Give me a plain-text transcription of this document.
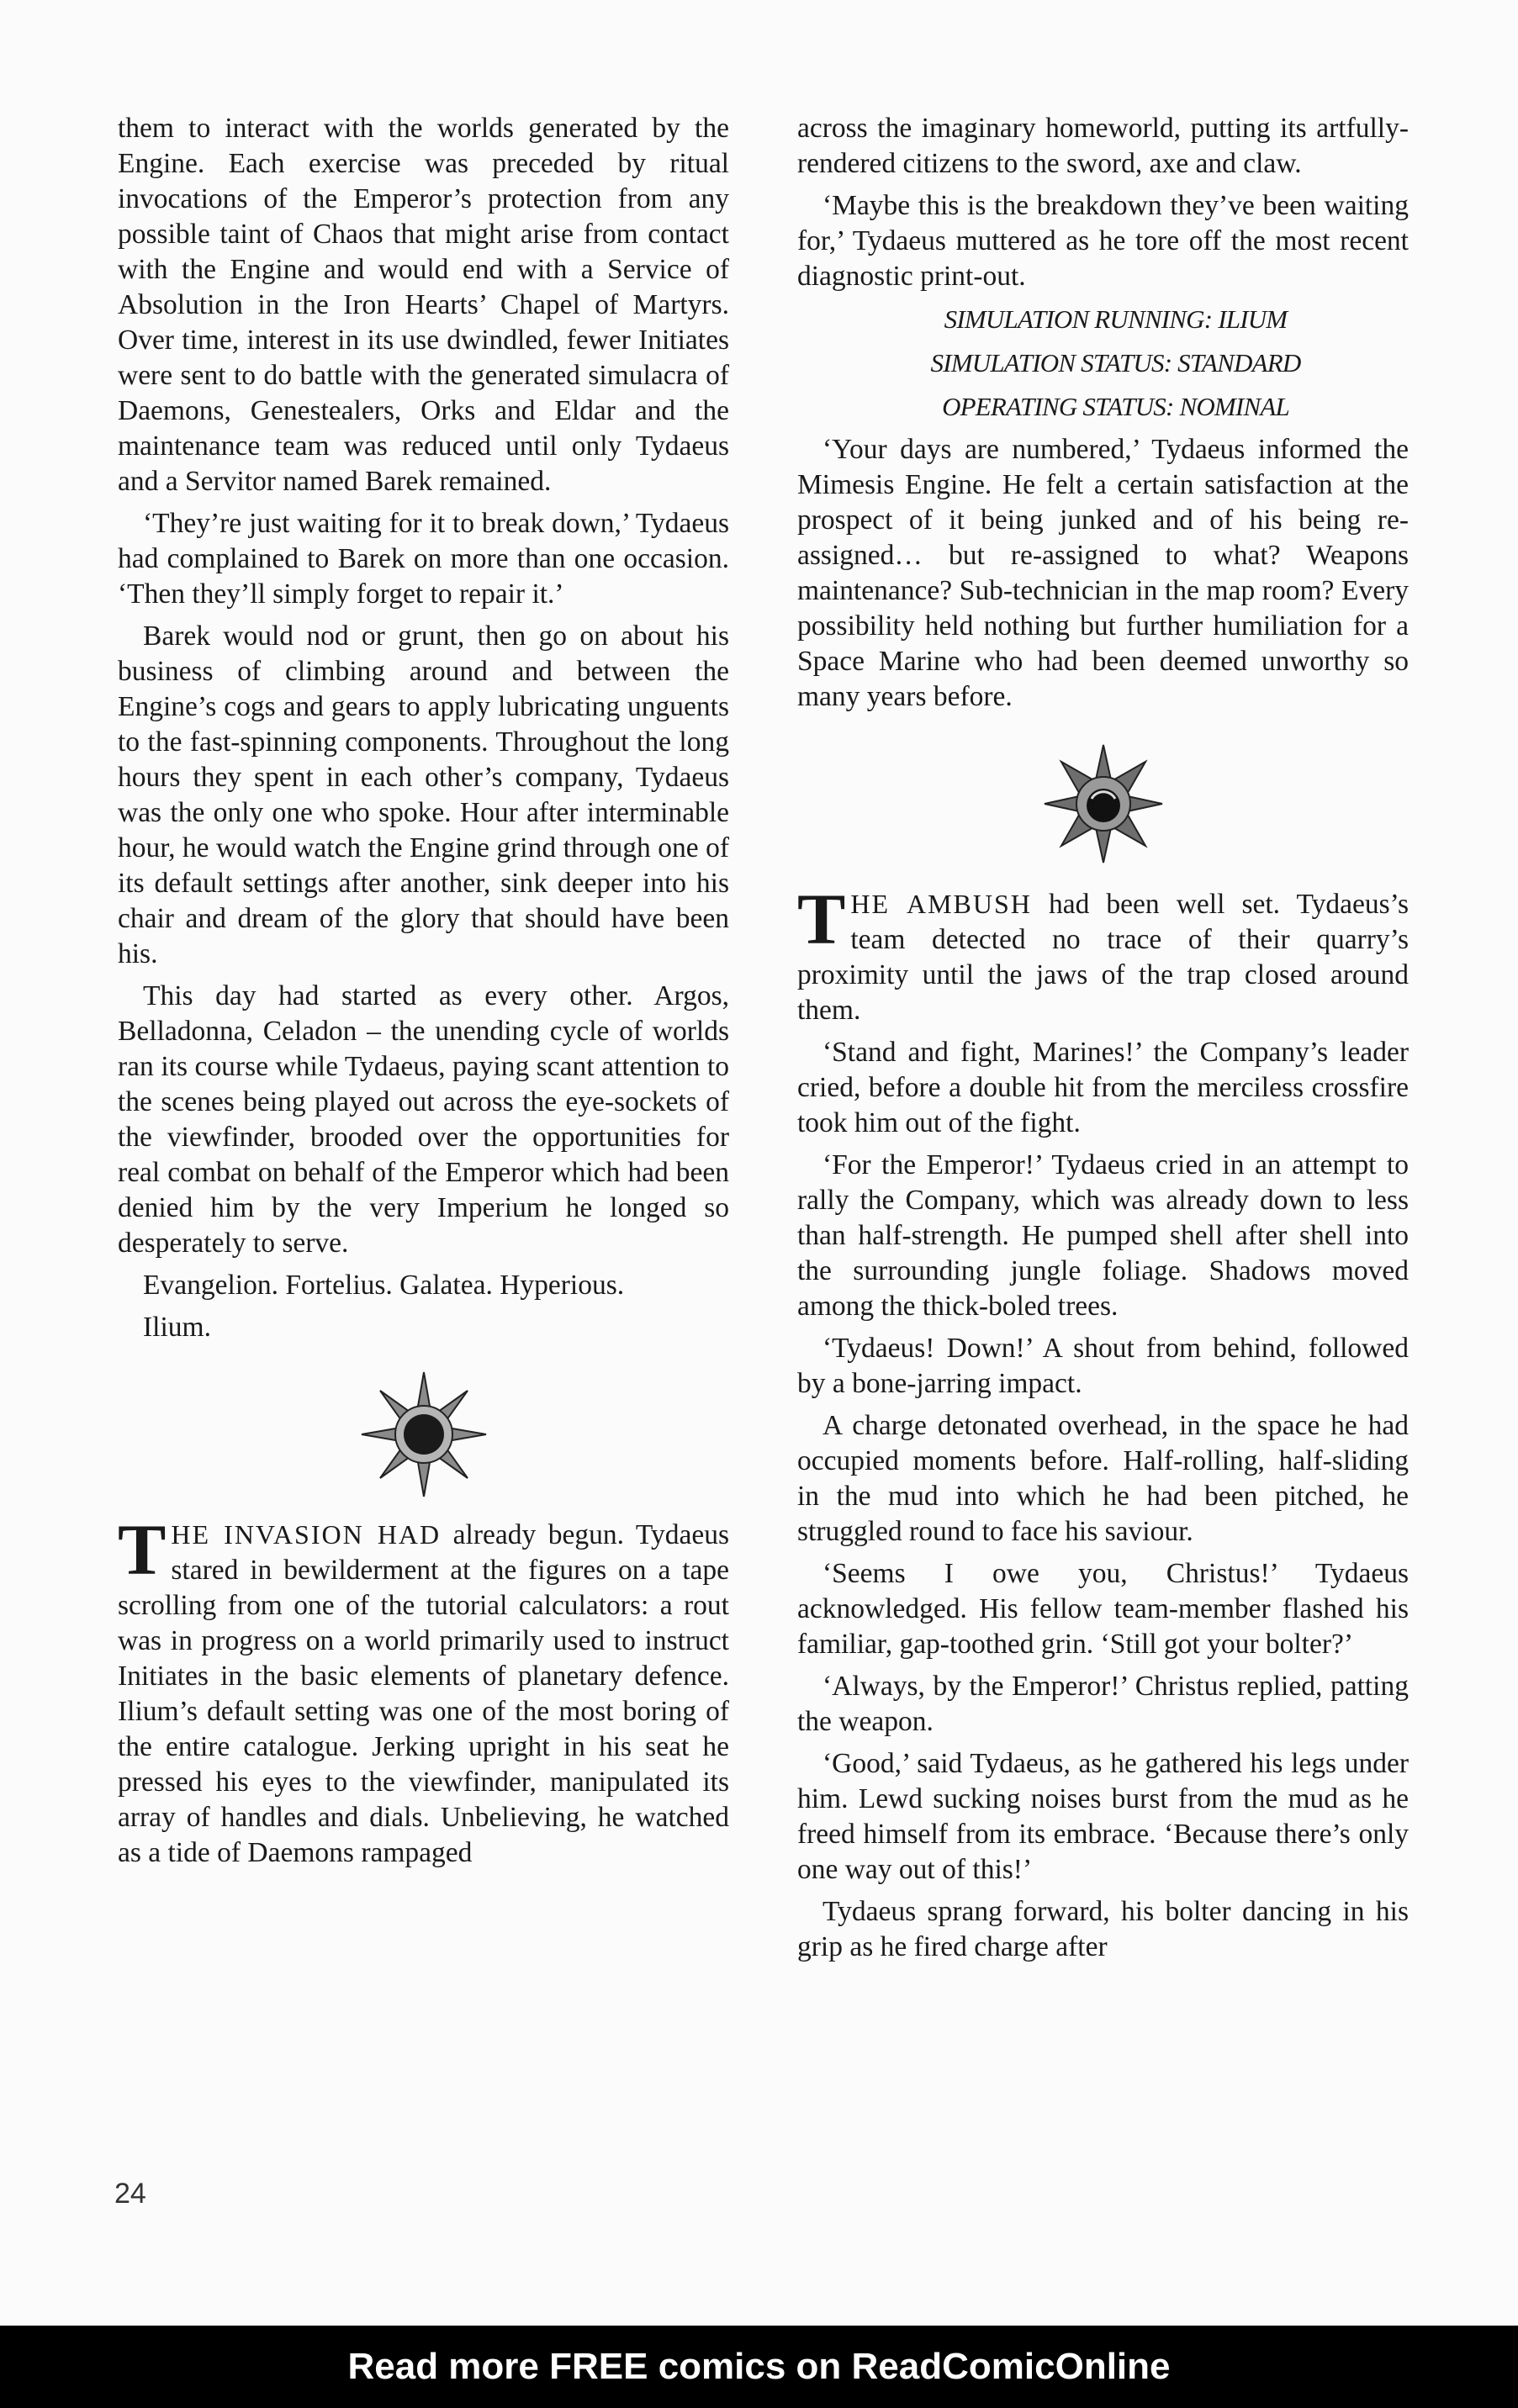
them to interact with the worlds generated by the Engine. Each exercise was preceded by ritual invocations of the Emperor’s protection from any possible taint of Chaos that might arise from contact with the Engine and would end with a Service of Absolution in the Iron Hearts’ Chapel of Martyrs. Over time, interest in its use dwindled, fewer Initiates were sent to do battle with the generated simulacra of Daemons, Genestealers, Orks and Eldar and the maintenance team was reduced until only Tydaeus and a Servitor named Barek remained.

‘They’re just waiting for it to break down,’ Tydaeus had complained to Barek on more than one occasion. ‘Then they’ll simply forget to repair it.’

Barek would nod or grunt, then go on about his business of climbing around and between the Engine’s cogs and gears to apply lubricating unguents to the fast-spinning components. Throughout the long hours they spent in each other’s company, Tydaeus was the only one who spoke. Hour after interminable hour, he would watch the Engine grind through one of its default settings after another, sink deeper into his chair and dream of the glory that should have been his.

This day had started as every other. Argos, Belladonna, Celadon – the unending cycle of worlds ran its course while Tydaeus, paying scant attention to the scenes being played out across the eye-sockets of the viewfinder, brooded over the opportunities for real combat on behalf of the Emperor which had been denied him by the very Imperium he longed so desperately to serve.

Evangelion. Fortelius. Galatea. Hyperious.

Ilium.

THE INVASION HAD already begun. Tydaeus stared in bewilderment at the figures on a tape scrolling from one of the tutorial calculators: a rout was in progress on a world primarily used to instruct Initiates in the basic elements of planetary defence. Ilium’s default setting was one of the most boring of the entire catalogue. Jerking upright in his seat he pressed his eyes to the viewfinder, manipulated its array of handles and dials. Unbelieving, he watched as a tide of Daemons rampaged

across the imaginary homeworld, putting its artfully-rendered citizens to the sword, axe and claw.

‘Maybe this is the breakdown they’ve been waiting for,’ Tydaeus muttered as he tore off the most recent diagnostic print-out.

SIMULATION RUNNING: ILIUM

SIMULATION STATUS: STANDARD

OPERATING STATUS: NOMINAL

‘Your days are numbered,’ Tydaeus informed the Mimesis Engine. He felt a certain satisfaction at the prospect of it being junked and of his being re-assigned… but re-assigned to what? Weapons maintenance? Sub-technician in the map room? Every possibility held nothing but further humiliation for a Space Marine who had been deemed unworthy so many years before.

THE AMBUSH had been well set. Tydaeus’s team detected no trace of their quarry’s proximity until the jaws of the trap closed around them.

‘Stand and fight, Marines!’ the Company’s leader cried, before a double hit from the merciless crossfire took him out of the fight.

‘For the Emperor!’ Tydaeus cried in an attempt to rally the Company, which was already down to less than half-strength. He pumped shell after shell into the surrounding jungle foliage. Shadows moved among the thick-boled trees.

‘Tydaeus! Down!’ A shout from behind, followed by a bone-jarring impact.

A charge detonated overhead, in the space he had occupied moments before. Half-rolling, half-sliding in the mud into which he had been pitched, he struggled round to face his saviour.

‘Seems I owe you, Christus!’ Tydaeus acknowledged. His fellow team-member flashed his familiar, gap-toothed grin. ‘Still got your bolter?’

‘Always, by the Emperor!’ Christus replied, patting the weapon.

‘Good,’ said Tydaeus, as he gathered his legs under him. Lewd sucking noises burst from the mud as he freed himself from its embrace. ‘Because there’s only one way out of this!’

Tydaeus sprang forward, his bolter dancing in his grip as he fired charge after

24
Read more FREE comics on ReadComicOnline
